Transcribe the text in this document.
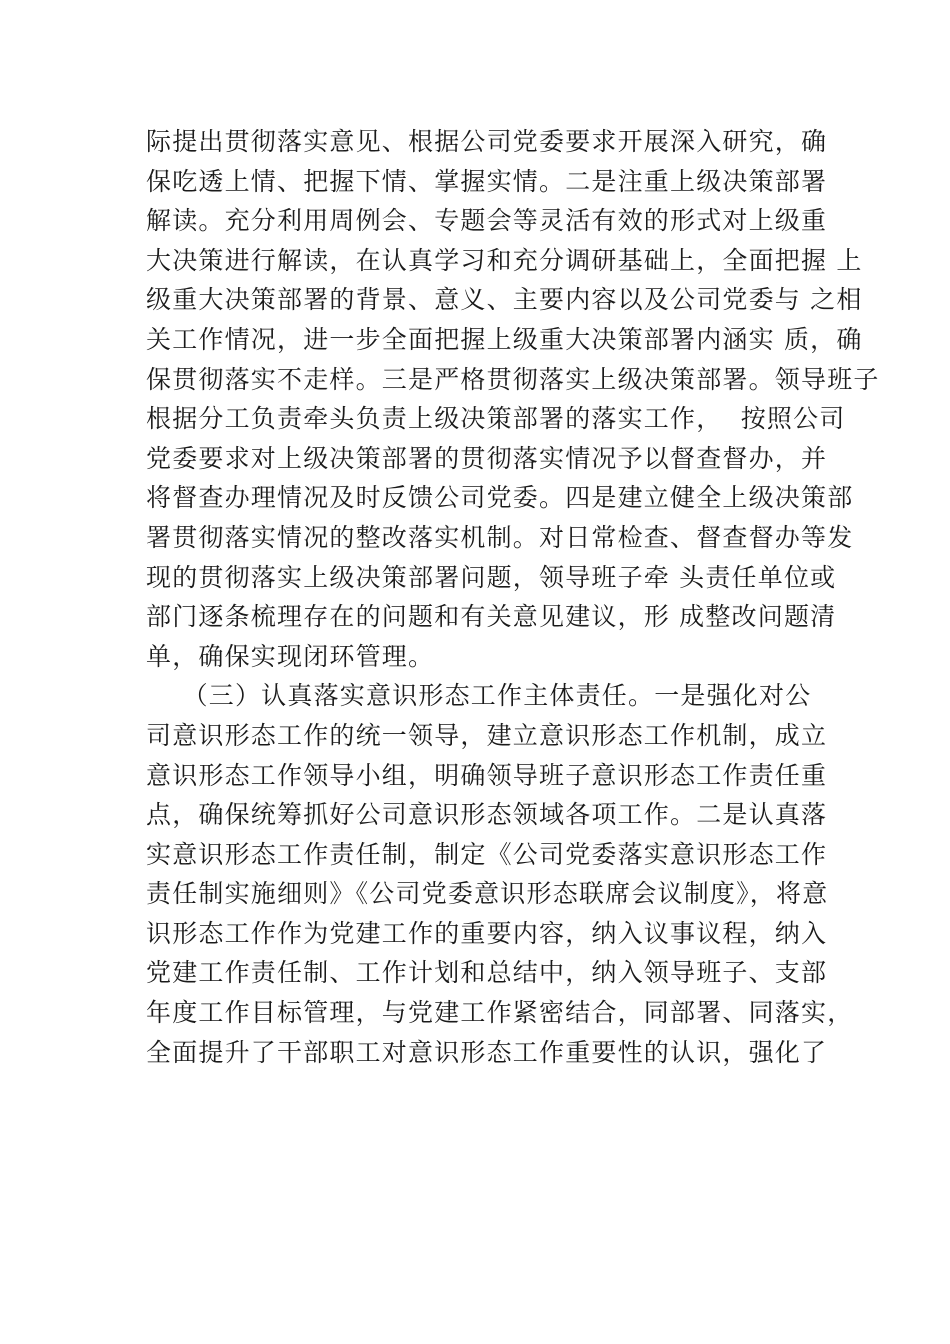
际提出贯彻落实意见、根据公司党委要求开展深入研究，确
保吃透上情、把握下情、掌握实情。二是注重上级决策部署
解读。充分利用周例会、专题会等灵活有效的形式对上级重
大决策进行解读，在认真学习和充分调研基础上，全面把握 上
级重大决策部署的背景、意义、主要内容以及公司党委与 之相
关工作情况，进一步全面把握上级重大决策部署内涵实 质，确
保贯彻落实不走样。三是严格贯彻落实上级决策部署。领导班子
根据分工负责牵头负责上级决策部署的落实工作，  按照公司
党委要求对上级决策部署的贯彻落实情况予以督查督办，并
将督查办理情况及时反馈公司党委。四是建立健全上级决策部
署贯彻落实情况的整改落实机制。对日常检查、督查督办等发
现的贯彻落实上级决策部署问题，领导班子牵 头责任单位或
部门逐条梳理存在的问题和有关意见建议，形 成整改问题清
单，确保实现闭环管理。
（三）认真落实意识形态工作主体责任。一是强化对公
司意识形态工作的统一领导，建立意识形态工作机制，成立
意识形态工作领导小组，明确领导班子意识形态工作责任重
点，确保统筹抓好公司意识形态领域各项工作。二是认真落
实意识形态工作责任制，制定《公司党委落实意识形态工作
责任制实施细则》《公司党委意识形态联席会议制度》，将意
识形态工作作为党建工作的重要内容，纳入议事议程，纳入
党建工作责任制、工作计划和总结中，纳入领导班子、支部
年度工作目标管理，与党建工作紧密结合，同部署、同落实，
全面提升了干部职工对意识形态工作重要性的认识，强化了
